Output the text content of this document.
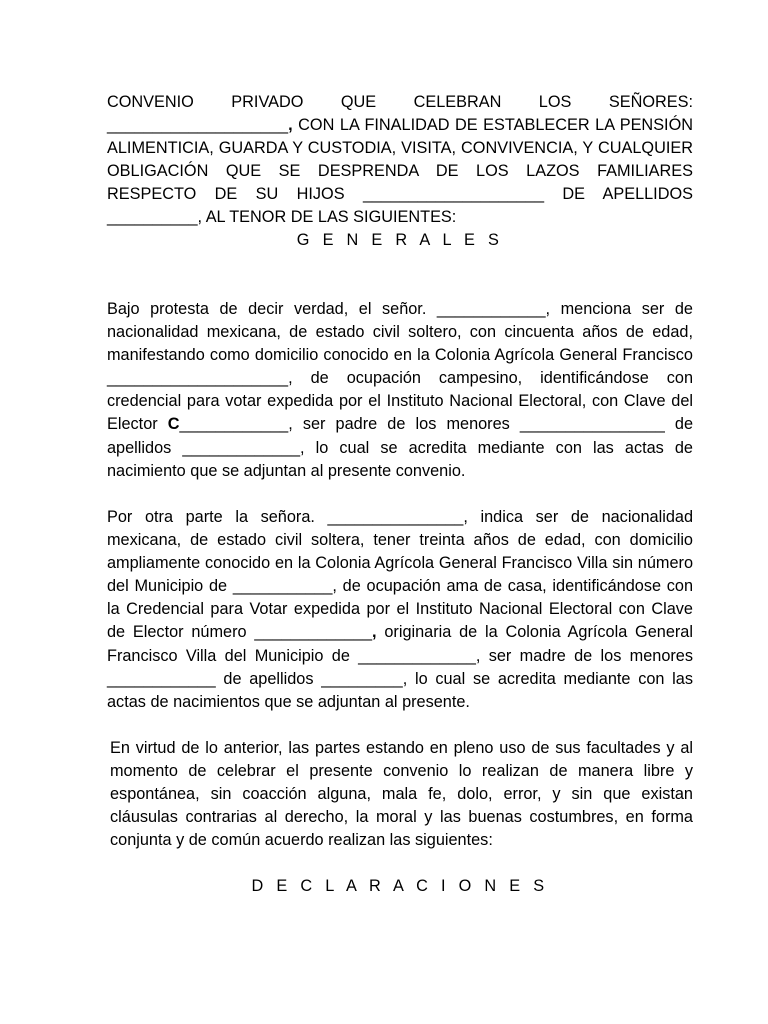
CONVENIO PRIVADO QUE CELEBRAN LOS SEÑORES: ____________________, CON LA FINALIDAD DE ESTABLECER LA PENSIÓN ALIMENTICIA, GUARDA Y CUSTODIA, VISITA, CONVIVENCIA, Y CUALQUIER OBLIGACIÓN QUE SE DESPRENDA DE LOS LAZOS FAMILIARES RESPECTO DE SU HIJOS ____________________ DE APELLIDOS __________, AL TENOR DE LAS SIGUIENTES:

G E N E R A L E S

Bajo protesta de decir verdad, el señor. ____________, menciona ser de nacionalidad mexicana, de estado civil soltero, con cincuenta años de edad, manifestando como domicilio conocido en la Colonia Agrícola General Francisco ____________________, de ocupación campesino, identificándose con credencial para votar expedida por el Instituto Nacional Electoral, con Clave del Elector C____________, ser padre de los menores ________________ de apellidos _____________, lo cual se acredita mediante con las actas de nacimiento que se adjuntan al presente convenio.

Por otra parte la señora. _______________, indica ser de nacionalidad mexicana, de estado civil soltera, tener treinta años de edad, con domicilio ampliamente conocido en la Colonia Agrícola General Francisco Villa sin número del Municipio de ___________, de ocupación ama de casa, identificándose con la Credencial para Votar expedida por el Instituto Nacional Electoral con Clave de Elector número _____________, originaria de la Colonia Agrícola General Francisco Villa del Municipio de _____________, ser madre de los menores ____________ de apellidos _________, lo cual se acredita mediante con las actas de nacimientos que se adjuntan al presente.

En virtud de lo anterior, las partes estando en pleno uso de sus facultades y al momento de celebrar el presente convenio lo realizan de manera libre y espontánea, sin coacción alguna, mala fe, dolo, error, y sin que existan cláusulas contrarias al derecho, la moral y las buenas costumbres, en forma conjunta y de común acuerdo realizan las siguientes:

D E C L A R A C I O N E S
